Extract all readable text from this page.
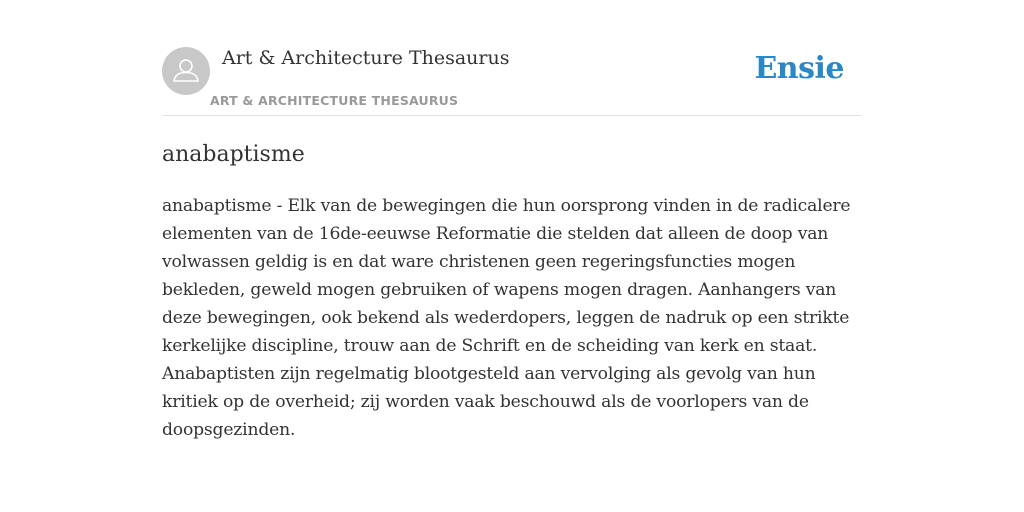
Art & Architecture Thesaurus
ART & ARCHITECTURE THESAURUS
Ensie
anabaptisme

anabaptisme - Elk van de bewegingen die hun oorsprong vinden in de radicalere elementen van de 16de-eeuwse Reformatie die stelden dat alleen de doop van volwassen geldig is en dat ware christenen geen regeringsfuncties mogen bekleden, geweld mogen gebruiken of wapens mogen dragen. Aanhangers van deze bewegingen, ook bekend als wederdopers, leggen de nadruk op een strikte kerkelijke discipline, trouw aan de Schrift en de scheiding van kerk en staat. Anabaptisten zijn regelmatig blootgesteld aan vervolging als gevolg van hun kritiek op de overheid; zij worden vaak beschouwd als de voorlopers van de doopsgezinden.
